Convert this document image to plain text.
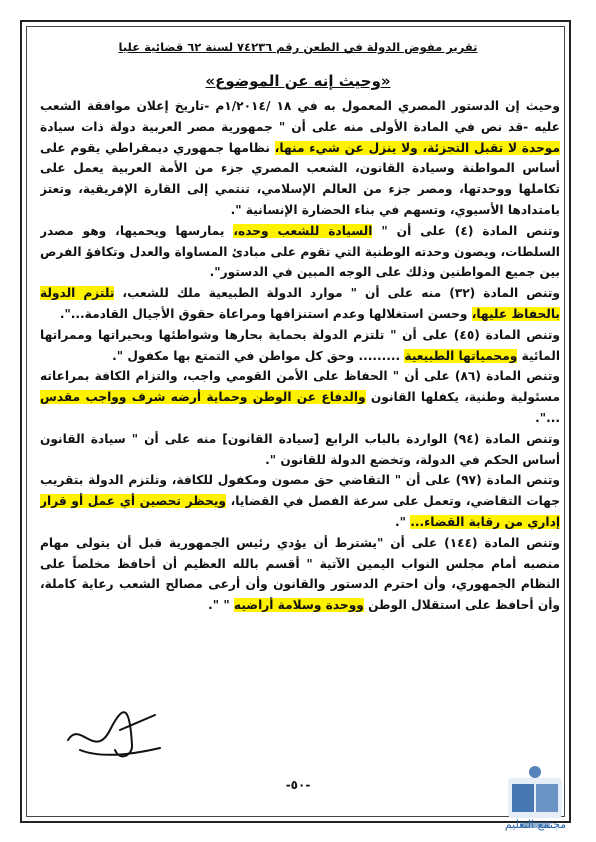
تقرير مفوض الدولة في الطعن رقم ٧٤٢٣٦ لسنة ٦٢ قضائية عليا
«وحيث إنه عن الموضوع»

وحيث إن الدستور المصري المعمول به في ١٨ /١/٢٠١٤م -تاريخ إعلان موافقة الشعب عليه -قد نص في المادة الأولى منه على أن " جمهورية مصر العربية دولة ذات سيادة موحدة لا تقبل التجزئة، ولا ينزل عن شيء منها، نظامها جمهوري ديمقراطي يقوم على أساس المواطنة وسيادة القانون، الشعب المصري جزء من الأمة العربية يعمل على تكاملها ووحدتها، ومصر جزء من العالم الإسلامي، تنتمي إلى القارة الإفريقية، وتعتز بامتدادها الأسيوي، وتسهم في بناء الحضارة الإنسانية ".

وتنص المادة (٤) على أن " السيادة للشعب وحده، يمارسها ويحميها، وهو مصدر السلطات، ويصون وحدته الوطنية التي تقوم على مبادئ المساواة والعدل وتكافؤ الفرص بين جميع المواطنين وذلك على الوجه المبين في الدستور".

وتنص المادة (٣٢) منه على أن " موارد الدولة الطبيعية ملك للشعب، تلتزم الدولة بالحفاظ عليها، وحسن استغلالها وعدم استنزافها ومراعاة حقوق الأجيال القادمة...".

وتنص المادة (٤٥) على أن " تلتزم الدولة بحماية بحارها وشواطئها وبحيراتها وممراتها المائية ومحمياتها الطبيعية ......... وحق كل مواطن في التمتع بها مكفول ".

وتنص المادة (٨٦) على أن " الحفاظ على الأمن القومي واجب، والتزام الكافة بمراعاته مسئولية وطنية، يكفلها القانون والدفاع عن الوطن وحماية أرضه شرف وواجب مقدس ...".

وتنص المادة (٩٤) الواردة بالباب الرابع [سيادة القانون] منه على أن " سيادة القانون أساس الحكم في الدولة، وتخضع الدولة للقانون ".

وتنص المادة (٩٧) على أن " التقاضي حق مصون ومكفول للكافة، وتلتزم الدولة بتقريب جهات التقاضي، وتعمل على سرعة الفصل في القضايا، ويحظر تحصين أي عمل أو قرار إداري من رقابة القضاء... ".

وتنص المادة (١٤٤) على أن "يشترط أن يؤدي رئيس الجمهورية قبل أن يتولى مهام منصبه أمام مجلس النواب اليمين الآتية " أقسم بالله العظيم أن أحافظ مخلصاً على النظام الجمهوري، وأن احترم الدستور والقانون وأن أرعى مصالح الشعب رعاية كاملة، وأن أحافظ على استقلال الوطن ووحدة وسلامة أراضيه " ".

-٥٠-
مجتمع التعليم
